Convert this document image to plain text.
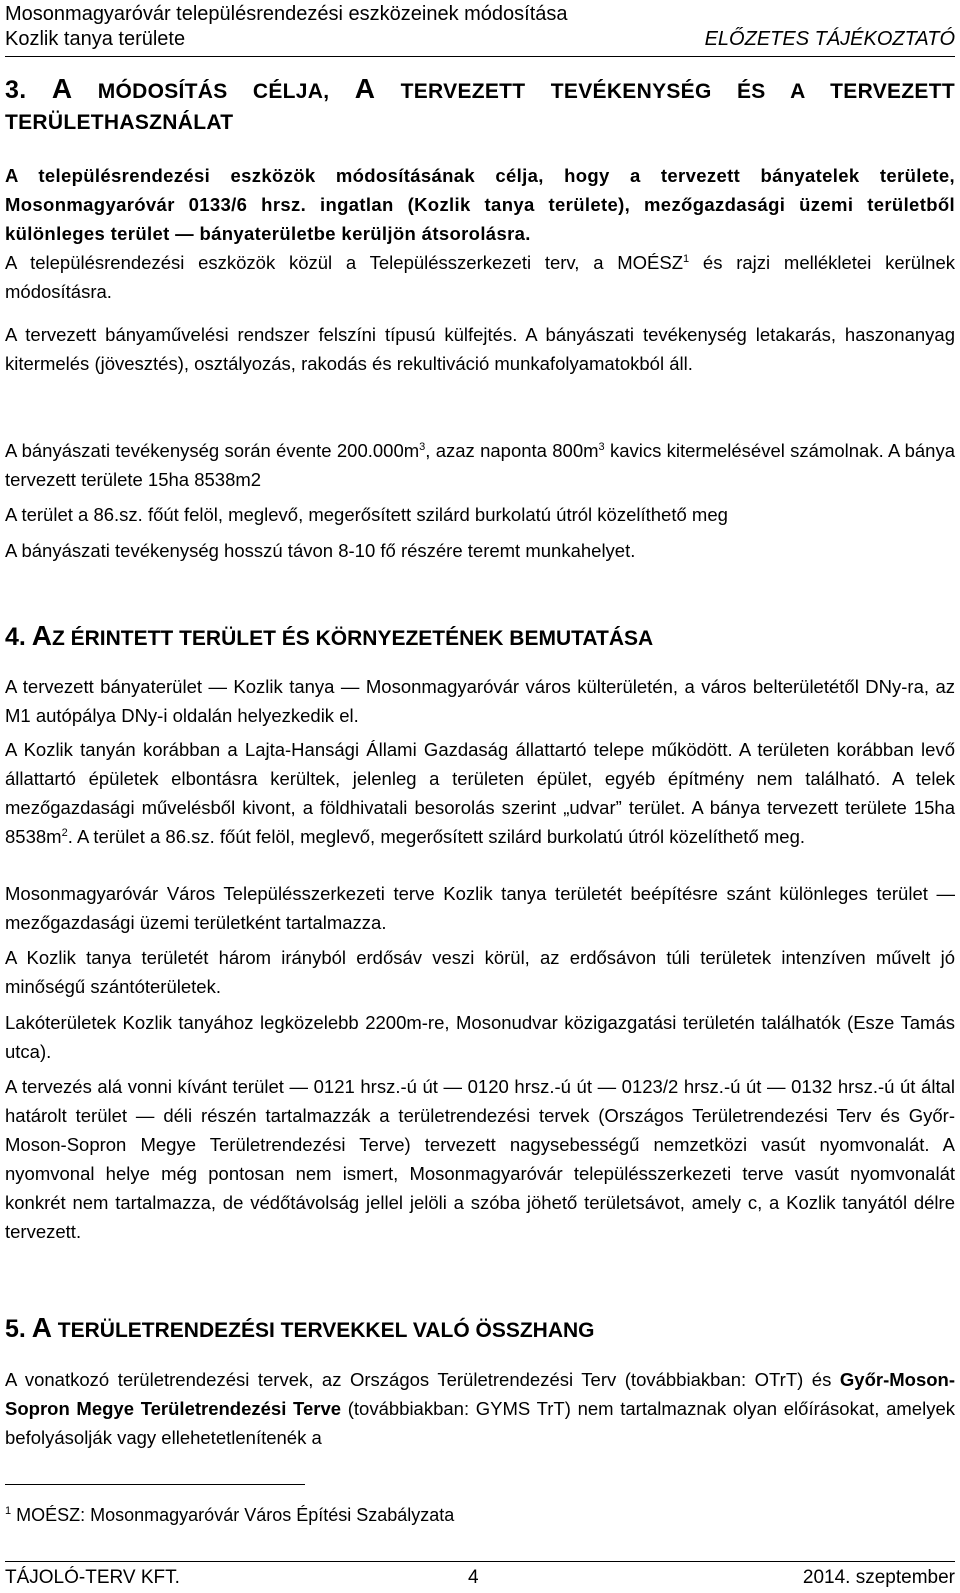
Mosonmagyaróvár településrendezési eszközeinek módosítása
Kozlik tanya területe	ELŐZETES TÁJÉKOZTATÓ
3. A MÓDOSÍTÁS CÉLJA, A TERVEZETT TEVÉKENYSÉG ÉS A TERVEZETT TERÜLETHASZNÁLAT
A településrendezési eszközök módosításának célja, hogy a tervezett bányatelek területe, Mosonmagyaróvár 0133/6 hrsz. ingatlan (Kozlik tanya területe), mezőgazdasági üzemi területből különleges terület — bányaterületbe kerüljön átsorolásra.
A településrendezési eszközök közül a Településszerkezeti terv, a MOÉSZ$^1$ és rajzi mellékletei kerülnek módosításra.
A tervezett bányaművelési rendszer felszíni típusú külfejtés. A bányászati tevékenység letakarás, haszonanyag kitermelés (jövesztés), osztályozás, rakodás és rekultiváció munkafolyamatokból áll.
A bányászati tevékenység során évente $200.000m^3$, azaz naponta $800m^3$ kavics kitermelésével számolnak. A bánya tervezett területe 15ha 8538m2
A terület a 86.sz. főút felöl, meglevő, megerősített szilárd burkolatú útról közelíthető meg
A bányászati tevékenység hosszú távon 8-10 fő részére teremt munkahelyet.
4. AZ ÉRINTETT TERÜLET ÉS KÖRNYEZETÉNEK BEMUTATÁSA
A tervezett bányaterület — Kozlik tanya — Mosonmagyaróvár város külterületén, a város belterületétől DNy-ra, az M1 autópálya DNy-i oldalán helyezkedik el.
A Kozlik tanyán korábban a Lajta-Hansági Állami Gazdaság állattartó telepe működött. A területen korábban levő állattartó épületek elbontásra kerültek, jelenleg a területen épület, egyéb építmény nem található. A telek mezőgazdasági művelésből kivont, a földhivatali besorolás szerint „udvar” terület. A bánya tervezett területe 15ha $8538m^2$. A terület a 86.sz. főút felöl, meglevő, megerősített szilárd burkolatú útról közelíthető meg.
Mosonmagyaróvár Város Településszerkezeti terve Kozlik tanya területét beépítésre szánt különleges terület — mezőgazdasági üzemi területként tartalmazza.
A Kozlik tanya területét három irányból erdősáv veszi körül, az erdősávon túli területek intenzíven művelt jó minőségű szántóterületek.
Lakóterületek Kozlik tanyához legközelebb 2200m-re, Mosonudvar közigazgatási területén találhatók (Esze Tamás utca).
A tervezés alá vonni kívánt terület — 0121 hrsz.-ú út — 0120 hrsz.-ú út — 0123/2 hrsz.-ú út — 0132 hrsz.-ú út által határolt terület — déli részén tartalmazzák a területrendezési tervek (Országos Területrendezési Terv és Győr-Moson-Sopron Megye Területrendezési Terve) tervezett nagysebességű nemzetközi vasút nyomvonalát. A nyomvonal helye még pontosan nem ismert, Mosonmagyaróvár településszerkezeti terve vasút nyomvonalát konkrét nem tartalmazza, de védőtávolság jellel jelöli a szóba jöhető területsávot, amely c, a Kozlik tanyától délre tervezett.
5. A TERÜLETRENDEZÉSI TERVEKKEL VALÓ ÖSSZHANG
A vonatkozó területrendezési tervek, az Országos Területrendezési Terv (továbbiakban: OTrT) és Győr-Moson-Sopron Megye Területrendezési Terve (továbbiakban: GYMS TrT) nem tartalmaznak olyan előírásokat, amelyek befolyásolják vagy ellehetetlenítenék a
$^1$ MOÉSZ: Mosonmagyaróvár Város Építési Szabályzata
TÁJOLÓ-TERV KFT.	4	2014. szeptember
